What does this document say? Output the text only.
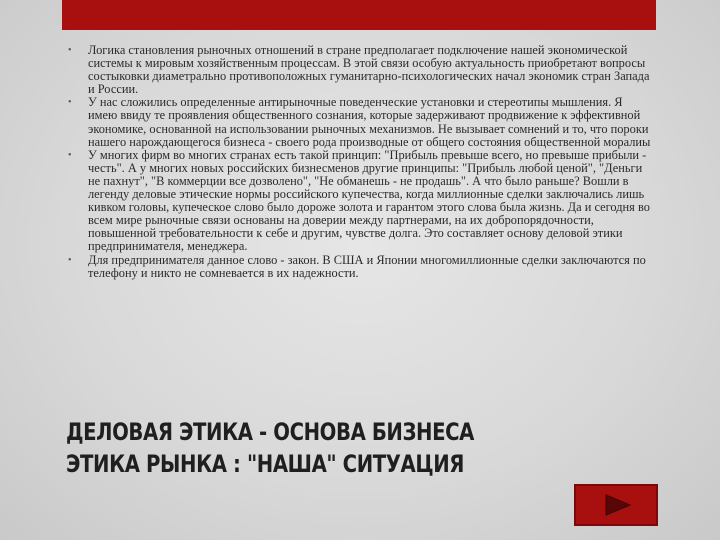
• Логика становления рыночных отношений в стране предполагает подключение нашей экономической системы к мировым хозяйственным процессам. В этой связи особую актуальность приобретают вопросы состыковки диаметрально противоположных гуманитарно-психологических начал экономик стран Запада и России.
• У нас сложились определенные антирыночные поведенческие установки и стереотипы мышления. Я имею ввиду те проявления общественного сознания, которые задерживают продвижение к эффективной экономике, основанной на использовании рыночных механизмов. Не вызывает сомнений и то, что пороки нашего нарождающегося бизнеса - своего рода производные от общего состояния общественной моралиы
• У многих фирм во многих странах есть такой принцип: "Прибыль превыше всего, но превыше прибыли - честь". А у многих новых российских бизнесменов другие принципы: "Прибыль любой ценой", "Деньги не пахнут", "В коммерции все дозволено", "Не обманешь - не продашь". А что было раньше? Вошли в легенду деловые этические нормы российского купечества, когда миллионные сделки заключались лишь кивком головы, купеческое слово было дороже золота и гарантом этого слова была жизнь. Да и сегодня во всем мире рыночные связи основаны на доверии между партнерами, на их добропорядочности, повышенной требовательности к себе и другим, чувстве долга. Это составляет основу деловой этики предпринимателя, менеджера.
• Для предпринимателя данное слово - закон. В США и Японии многомиллионные сделки заключаются по телефону и никто не сомневается в их надежности.
ДЕЛОВАЯ ЭТИКА - ОСНОВА БИЗНЕСА
ЭТИКА РЫНКА : "НАША" СИТУАЦИЯ
